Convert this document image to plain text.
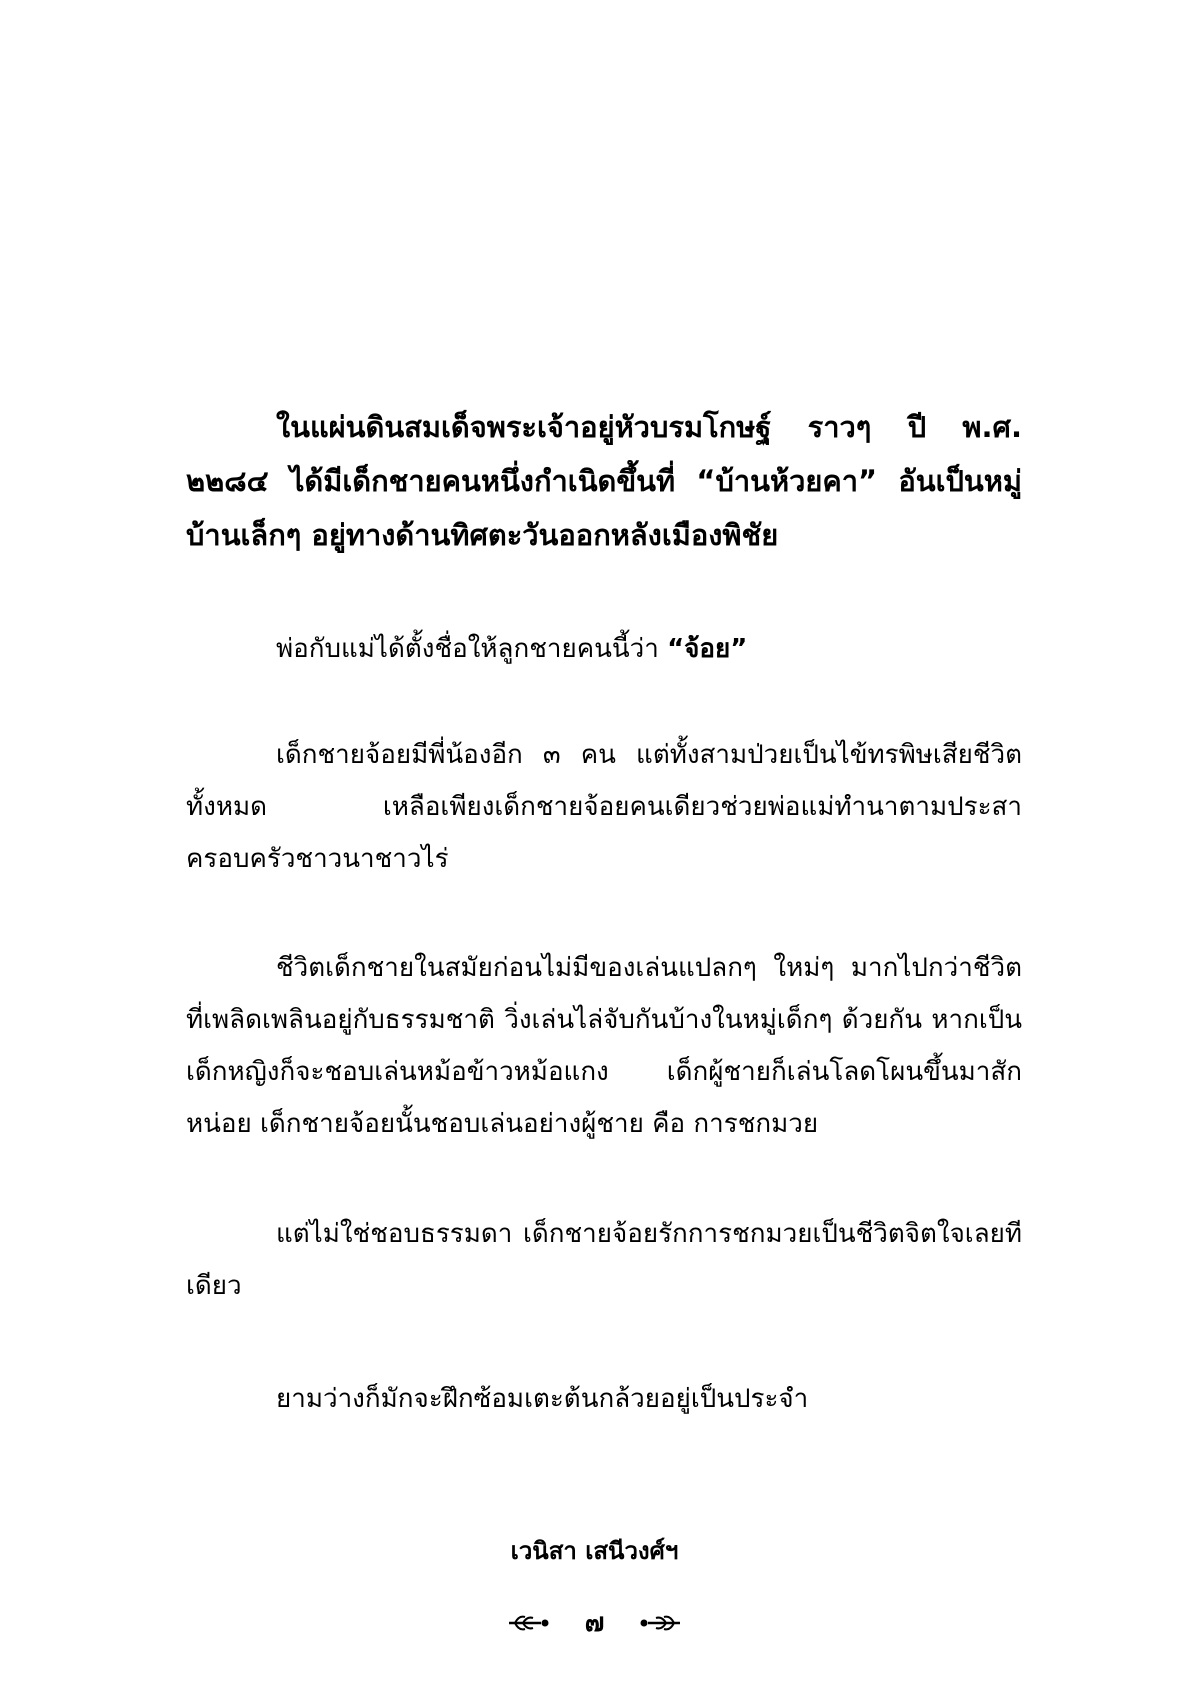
ในแผ่นดินสมเด็จพระเจ้าอยู่หัวบรมโกษฐ์ ราวๆ ปี พ.ศ. ๒๒๘๔ ได้มีเด็กชายคนหนึ่งกำเนิดขึ้นที่ “บ้านห้วยคา” อันเป็นหมู่บ้านเล็กๆ อยู่ทางด้านทิศตะวันออกหลังเมืองพิชัย

พ่อกับแม่ได้ตั้งชื่อให้ลูกชายคนนี้ว่า “จ้อย”

เด็กชายจ้อยมีพี่น้องอีก ๓ คน แต่ทั้งสามป่วยเป็นไข้ทรพิษเสียชีวิตทั้งหมด เหลือเพียงเด็กชายจ้อยคนเดียวช่วยพ่อแม่ทำนาตามประสาครอบครัวชาวนาชาวไร่

ชีวิตเด็กชายในสมัยก่อนไม่มีของเล่นแปลกๆ ใหม่ๆ มากไปกว่าชีวิตที่เพลิดเพลินอยู่กับธรรมชาติ วิ่งเล่นไล่จับกันบ้างในหมู่เด็กๆ ด้วยกัน หากเป็นเด็กหญิงก็จะชอบเล่นหม้อข้าวหม้อแกง เด็กผู้ชายก็เล่นโลดโผนขึ้นมาสักหน่อย เด็กชายจ้อยนั้นชอบเล่นอย่างผู้ชาย คือ การชกมวย

แต่ไม่ใช่ชอบธรรมดา เด็กชายจ้อยรักการชกมวยเป็นชีวิตจิตใจเลยทีเดียว

ยามว่างก็มักจะฝึกซ้อมเตะต้นกล้วยอยู่เป็นประจำ

เวนิสา เสนีวงศ์ฯ
๗
